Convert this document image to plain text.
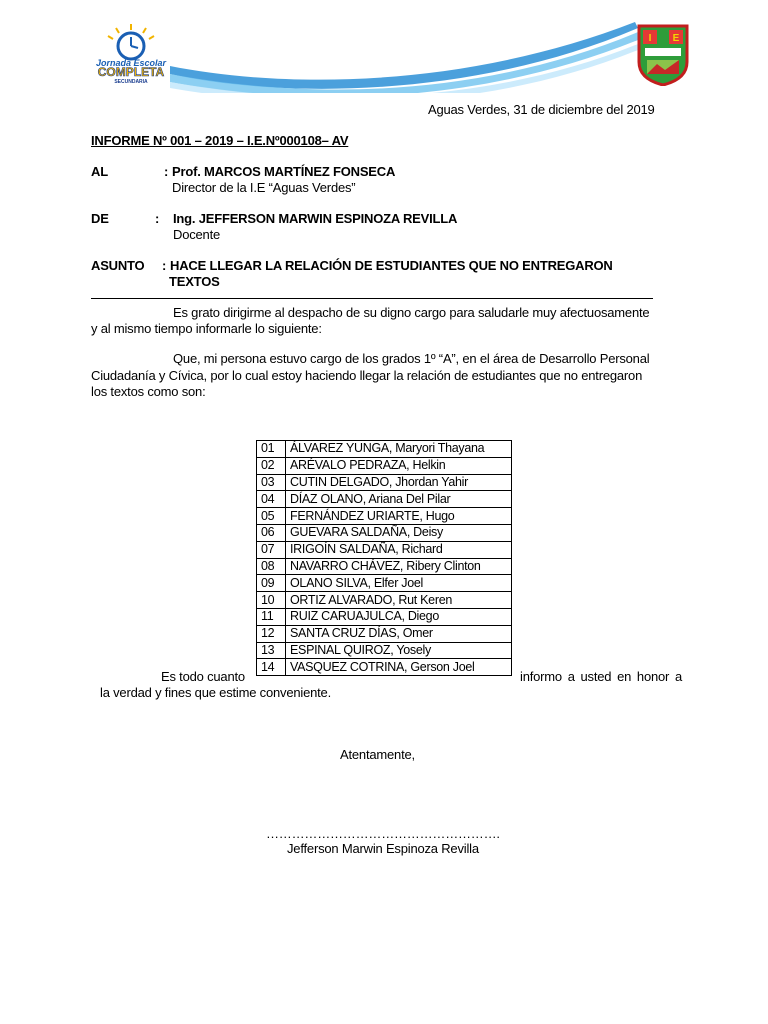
Jornada Escolar
COMPLETA
SECUNDARIA
I E
Aguas Verdes, 31 de diciembre del 2019
INFORME Nº 001 – 2019 – I.E.Nº000108– AV
AL	: Prof. MARCOS MARTÍNEZ FONSECA
Director de la I.E “Aguas Verdes”
DE	: Ing. JEFFERSON MARWIN ESPINOZA REVILLA
Docente
ASUNTO : HACE LLEGAR LA RELACIÓN DE ESTUDIANTES QUE NO ENTREGARON
TEXTOS
Es grato dirigirme al despacho de su digno cargo para saludarle muy afectuosamente
y al mismo tiempo informarle lo siguiente:
Que, mi persona estuvo cargo de los grados 1º “A”, en el área de Desarrollo Personal
Ciudadanía y Cívica, por lo cual estoy haciendo llegar la relación de estudiantes que no entregaron
los textos como son:
01	ÁLVAREZ YUNGA, Maryori Thayana
02	ARÉVALO PEDRAZA, Helkin
03	CUTIN DELGADO, Jhordan Yahir
04	DÍAZ OLANO, Ariana Del Pilar
05	FERNÁNDEZ URIARTE, Hugo
06	GUEVARA SALDAÑA, Deisy
07	IRIGOÍN SALDAÑA, Richard
08	NAVARRO CHÁVEZ, Ribery Clinton
09	OLANO SILVA, Elfer Joel
10	ORTIZ ALVARADO, Rut Keren
11	RUIZ CARUAJULCA, Diego
12	SANTA CRUZ DÍAS, Omer
13	ESPINAL QUIROZ, Yosely
14	VASQUEZ COTRINA, Gerson Joel
Es todo cuanto	informo a usted en honor a
la verdad y fines que estime conveniente.
Atentamente,
……………………………………………….
Jefferson Marwin Espinoza Revilla
